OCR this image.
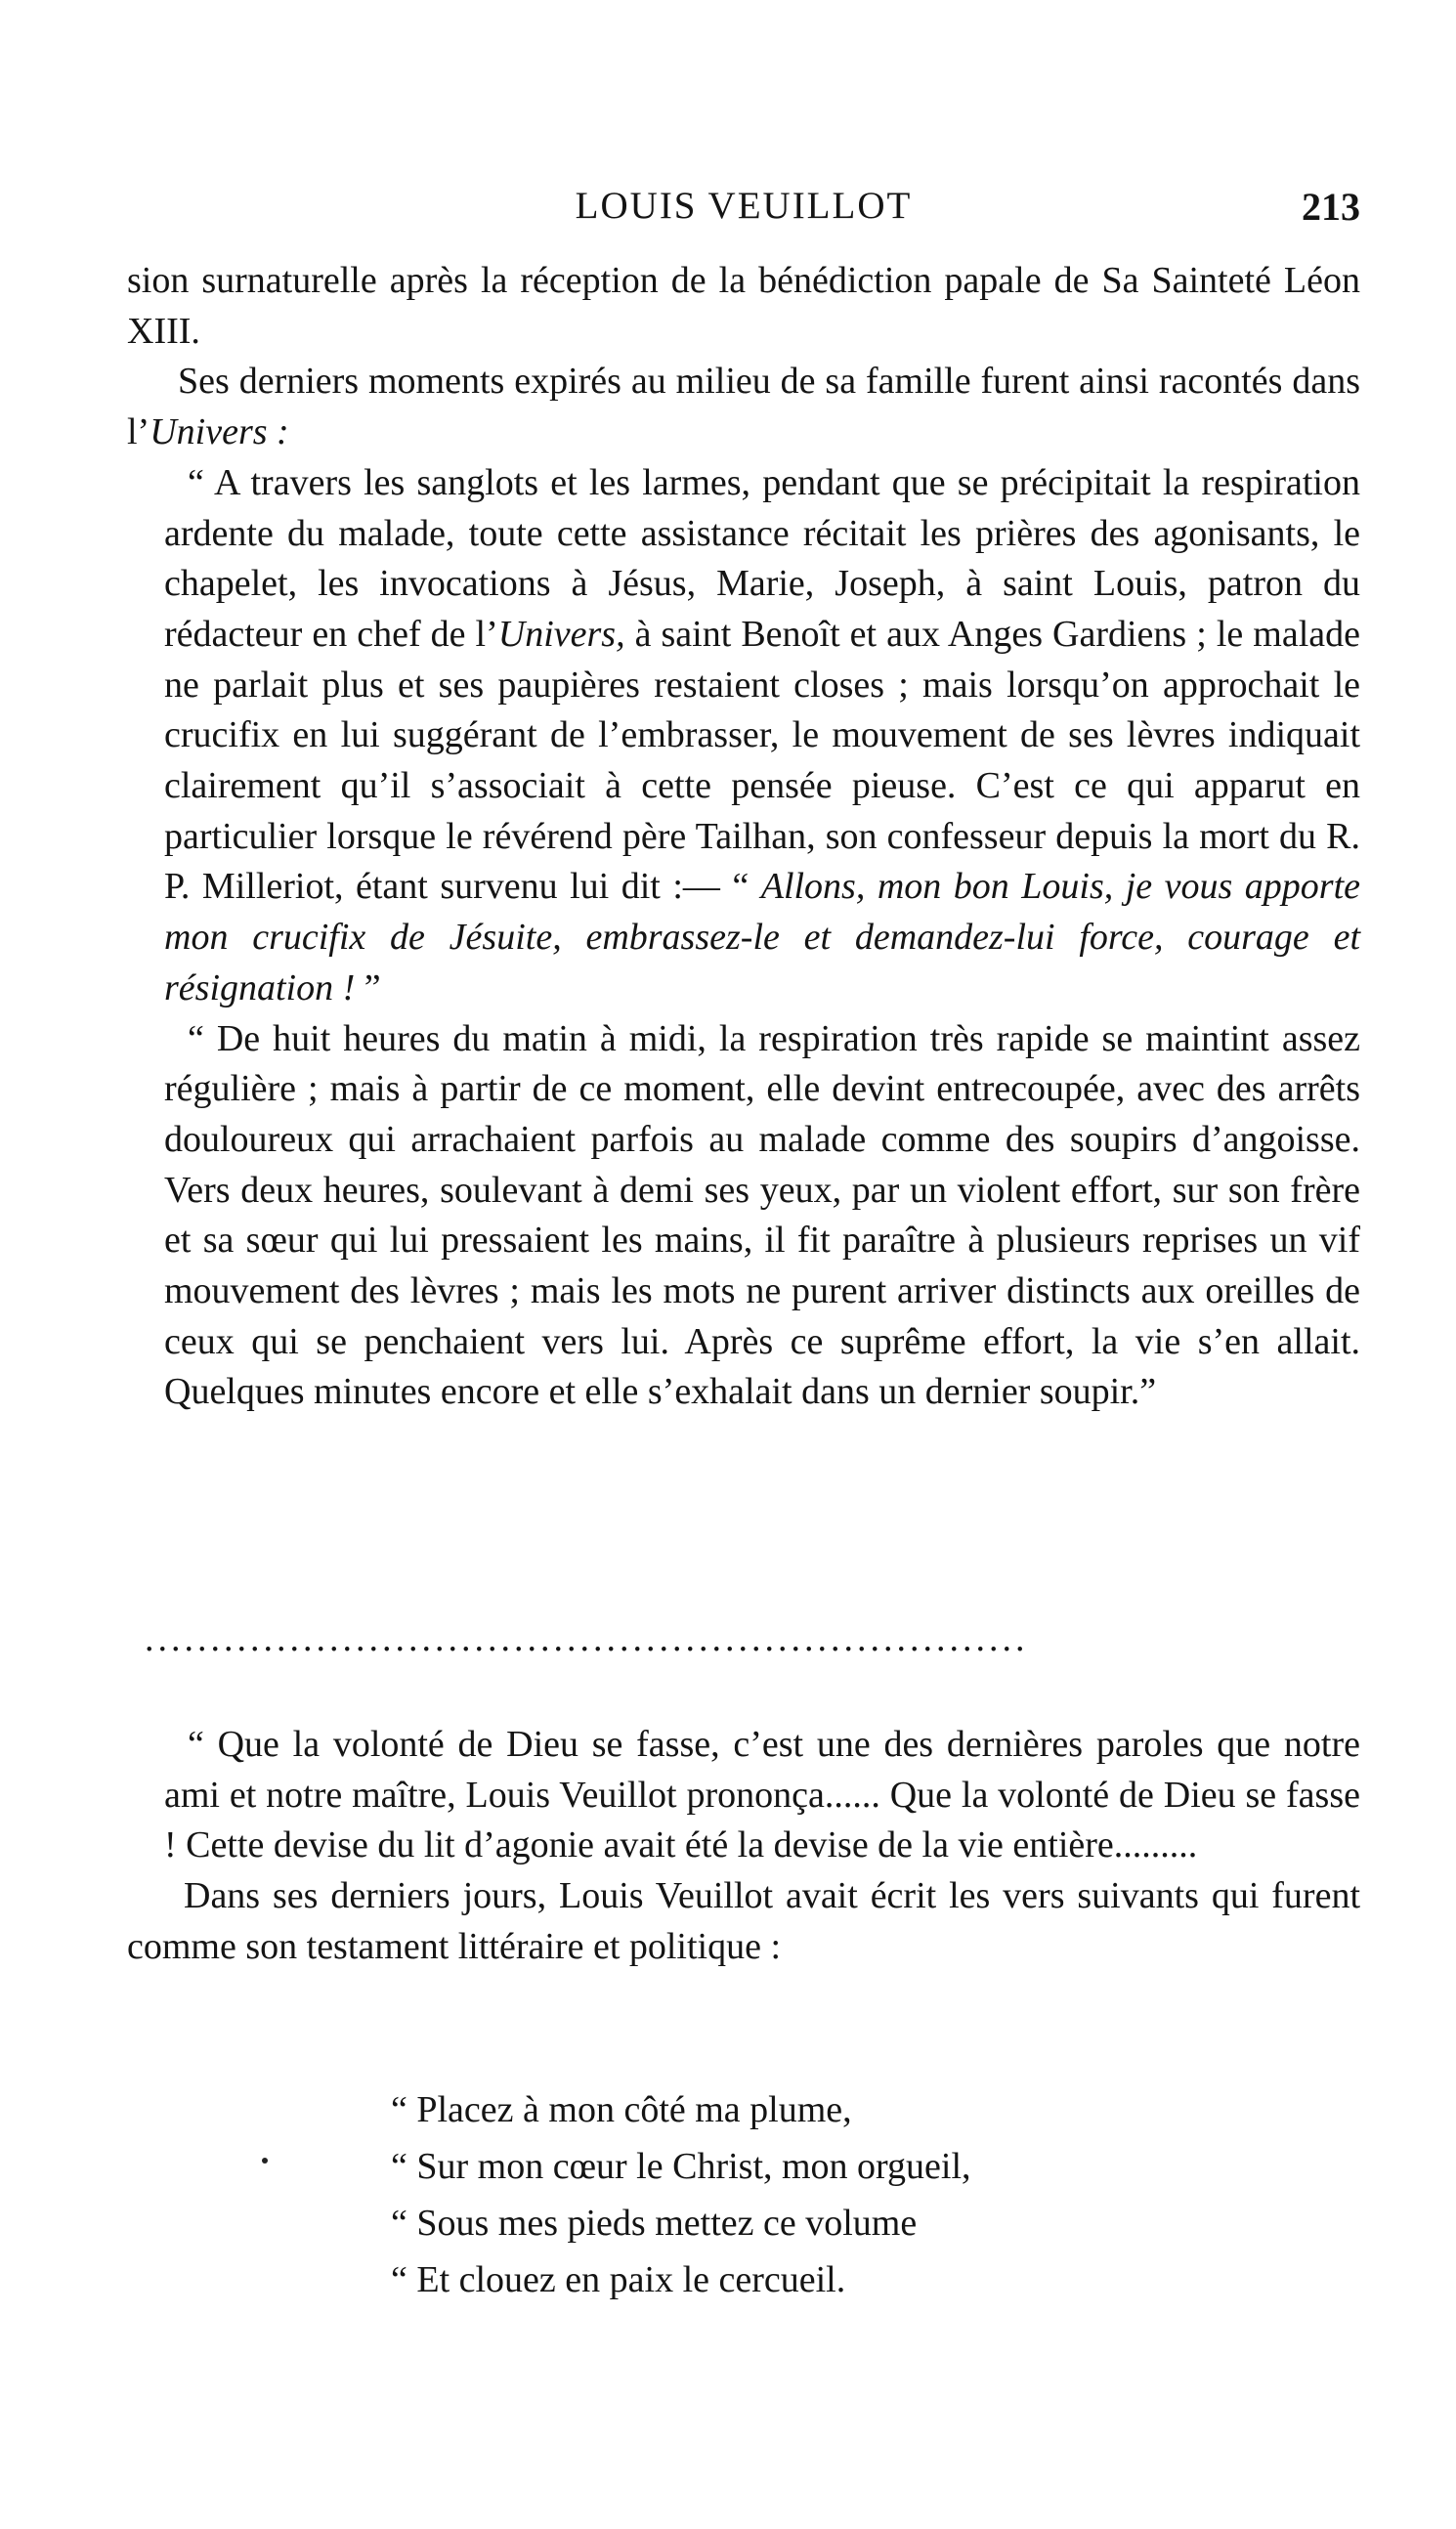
LOUIS VEUILLOT	213

sion surnaturelle après la réception de la bénédiction papale de Sa Sainteté Léon XIII.

Ses derniers moments expirés au milieu de sa famille furent ainsi racontés dans l’Univers :

“ A travers les sanglots et les larmes, pendant que se précipitait la respiration ardente du malade, toute cette assistance récitait les prières des agonisants, le chapelet, les invocations à Jésus, Marie, Joseph, à saint Louis, patron du rédacteur en chef de l’Univers, à saint Benoît et aux Anges Gardiens ; le malade ne parlait plus et ses paupières restaient closes ; mais lorsqu’on approchait le crucifix en lui suggérant de l’embrasser, le mouvement de ses lèvres indiquait clairement qu’il s’associait à cette pensée pieuse. C’est ce qui apparut en particulier lorsque le révérend père Tailhan, son confesseur depuis la mort du R. P. Milleriot, étant survenu lui dit :— “ Allons, mon bon Louis, je vous apporte mon crucifix de Jésuite, embrassez-le et demandez-lui force, courage et résignation ! ”

“ De huit heures du matin à midi, la respiration très rapide se maintint assez régulière ; mais à partir de ce moment, elle devint entrecoupée, avec des arrêts douloureux qui arrachaient parfois au malade comme des soupirs d’angoisse. Vers deux heures, soulevant à demi ses yeux, par un violent effort, sur son frère et sa sœur qui lui pressaient les mains, il fit paraître à plusieurs reprises un vif mouvement des lèvres ; mais les mots ne purent arriver distincts aux oreilles de ceux qui se penchaient vers lui. Après ce suprême effort, la vie s’en allait. Quelques minutes encore et elle s’exhalait dans un dernier soupir.”

...................................................................

“ Que la volonté de Dieu se fasse, c’est une des dernières paroles que notre ami et notre maître, Louis Veuillot prononça...... Que la volonté de Dieu se fasse ! Cette devise du lit d’agonie avait été la devise de la vie entière.........

Dans ses derniers jours, Louis Veuillot avait écrit les vers suivants qui furent comme son testament littéraire et politique :

“ Placez à mon côté ma plume,
“ Sur mon cœur le Christ, mon orgueil,
“ Sous mes pieds mettez ce volume
“ Et clouez en paix le cercueil.
